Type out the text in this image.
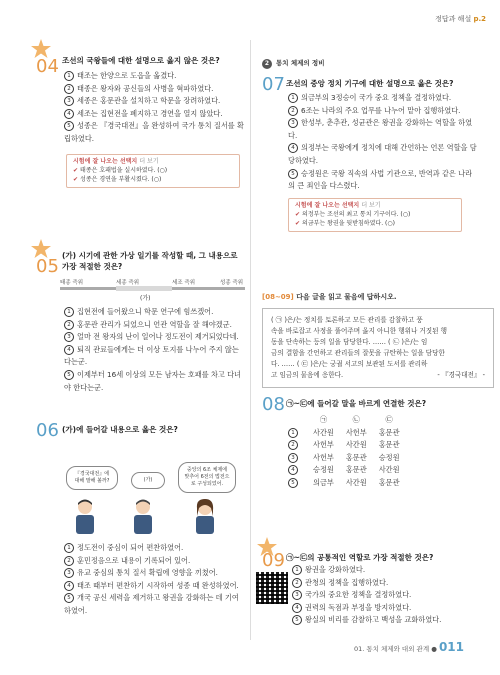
정답과 해설 p.2
04 조선의 국왕들에 대한 설명으로 옳지 않은 것은?
1 태조는 한양으로 도읍을 옮겼다.
2 태종은 왕자와 공신들의 사병을 혁파하였다.
3 세종은 홍문관을 설치하고 학문을 장려하였다.
4 세조는 집현전을 폐지하고 경연을 열지 않았다.
5 성종은 『경국대전』을 완성하여 국가 통치 질서를 확립하였다.
시험에 잘 나오는 선택지 더 보기
✔ 태종은 호패법을 실시하였다. (○)
✔ 성종은 경연을 부활시켰다. (○)
05
(가) 시기에 관한 가상 일기를 작성할 때, 그 내용으로 가장 적절한 것은?
태종 즉위	세종 즉위	세조 즉위	성종 즉위
(가)
1 집현전에 들어왔으니 학문 연구에 힘쓰겠어.
2 홍문관 관리가 되었으니 언관 역할을 잘 해야겠군.
3 얼마 전 왕자의 난이 일어나 정도전이 제거되었다네.
4 퇴직 관료들에게는 더 이상 토지를 나누어 주지 않는다는군.
5 이제부터 16세 이상의 모든 남자는 호패를 차고 다녀야 한다는군.
06 (가)에 들어갈 내용으로 옳은 것은?
『경국대전』에 대해 말해 볼까?	(가)
중앙의 6조 체제에 맞추어 6전의 법전으로 구성되었어.
1 정도전이 중심이 되어 편찬하였어.
2 훈민정음으로 내용이 기록되어 있어.
3 유교 중심의 통치 질서 확립에 영향을 끼쳤어.
4 태조 때부터 편찬하기 시작하여 성종 때 완성하였어.
5 개국 공신 세력을 제거하고 왕권을 강화하는 데 기여하였어.
2 통치 체제의 정비
07 조선의 중앙 정치 기구에 대한 설명으로 옳은 것은?
1 의금부의 3정승이 국가 중요 정책을 결정하였다.
2 6조는 나라의 주요 업무를 나누어 맡아 집행하였다.
3 한성부, 춘추관, 성균관은 왕권을 강화하는 역할을 하였다.
4 의정부는 국왕에게 정치에 대해 간언하는 언론 역할을 담당하였다.
5 승정원은 국왕 직속의 사법 기관으로, 반역과 같은 나라의 큰 죄인을 다스렸다.
시험에 잘 나오는 선택지 더 보기
✔ 의정부는 조선의 최고 통치 기구이다. (○)
✔ 의금부는 왕권을 뒷받침하였다. (○)
[08~09] 다음 글을 읽고 물음에 답하시오.
( ㉠ )은/는 정치를 토론하고 모든 관리를 감찰하고 풍
속을 바로잡고 사정을 풀어주며 옳지 아니한 행위나 거짓된 행
동을 단속하는 등의 일을 담당한다. …… ( ㉡ )은/는 임
금의 결함을 간언하고 관리들의 잘못을 규탄하는 일을 담당한
다. …… ( ㉢ )은/는 궁궐 서고의 보관된 도서를 관리하
고 임금의 물음에 응한다.	- 『경국대전』 -
08 ㉠~㉢에 들어갈 말을 바르게 연결한 것은?
	㉠	㉡	㉢
1	사간원	사헌부	홍문관
2	사헌부	사간원	홍문관
3	사헌부	홍문관	승정원
4	승정원	홍문관	사간원
5	의금부	사간원	홍문관
09 ㉠~㉢의 공통적인 역할로 가장 적절한 것은?
1 왕권을 강화하였다.
2 관청의 정책을 집행하였다.
3 국가의 중요한 정책을 결정하였다.
4 권력의 독점과 부정을 방지하였다.
5 왕실의 비리를 감찰하고 백성을 교화하였다.
01. 통치 체제와 대외 관계 ● 011
